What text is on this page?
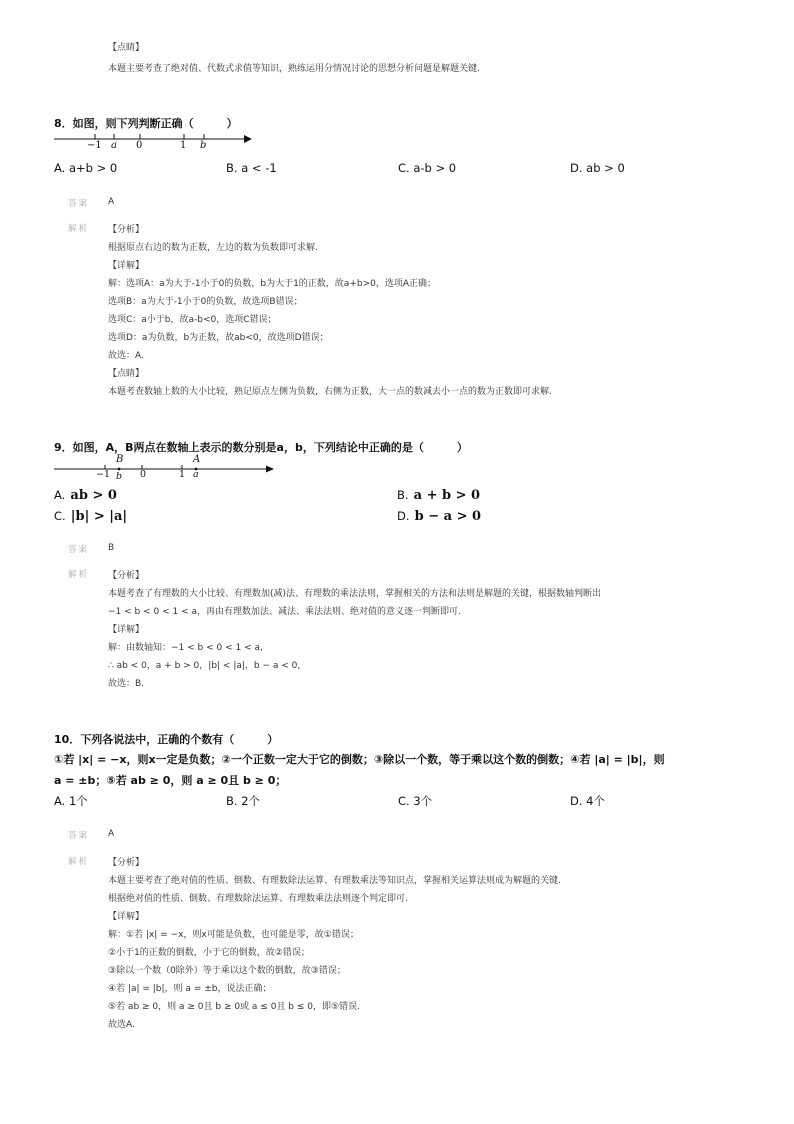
【点睛】
本题主要考查了绝对值、代数式求值等知识，熟练运用分情况讨论的思想分析问题是解题关键.
8．如图，则下列判断正确（　　　）
−1 a 0	1 b
A. a+b > 0	B. a < -1	C. a-b > 0	D. ab > 0
答案 A
解析 【分析】
根据原点右边的数为正数，左边的数为负数即可求解.
【详解】
解：选项A：a为大于-1小于0的负数，b为大于1的正数，故a+b>0，选项A正确；
选项B：a为大于-1小于0的负数，故选项B错误；
选项C：a小于b，故a-b<0，选项C错误；
选项D：a为负数，b为正数，故ab<0，故选项D错误；
故选：A.
【点睛】
本题考查数轴上数的大小比较，熟记原点左侧为负数，右侧为正数，大一点的数减去小一点的数为正数即可求解.
9．如图，A，B两点在数轴上表示的数分别是a，b，下列结论中正确的是（　　　）
B	A
−1 b 0	1 a
A. ab > 0	B. a + b > 0
C. |b| > |a|	D. b − a > 0
答案 B
解析 【分析】
本题考查了有理数的大小比较、有理数加(减)法、有理数的乘法法则，掌握相关的方法和法则是解题的关键，根据数轴判断出
−1 < b < 0 < 1 < a，再由有理数加法、减法、乘法法则、绝对值的意义逐一判断即可.
【详解】
解：由数轴知：−1 < b < 0 < 1 < a,
∴ ab < 0，a + b > 0，|b| < |a|，b − a < 0,
故选：B.
10．下列各说法中，正确的个数有（　　　）
①若 |x| = −x，则x一定是负数；②一个正数一定大于它的倒数；③除以一个数，等于乘以这个数的倒数；④若 |a| = |b|，则
a = ±b；⑤若 ab ≥ 0，则 a ≥ 0且 b ≥ 0；
A. 1个	B. 2个	C. 3个	D. 4个
答案 A
解析 【分析】
本题主要考查了绝对值的性质、倒数、有理数除法运算、有理数乘法等知识点，掌握相关运算法则成为解题的关键.
根据绝对值的性质、倒数、有理数除法运算、有理数乘法法则逐个判定即可.
【详解】
解：①若 |x| = −x，则x可能是负数，也可能是零，故①错误；
②小于1的正数的倒数，小于它的倒数，故②错误；
③除以一个数（0除外）等于乘以这个数的倒数，故③错误；
④若 |a| = |b|，则 a = ±b，说法正确；
⑤若 ab ≥ 0，则 a ≥ 0且 b ≥ 0或 a ≤ 0且 b ≤ 0，即⑤错误.
故选A.
